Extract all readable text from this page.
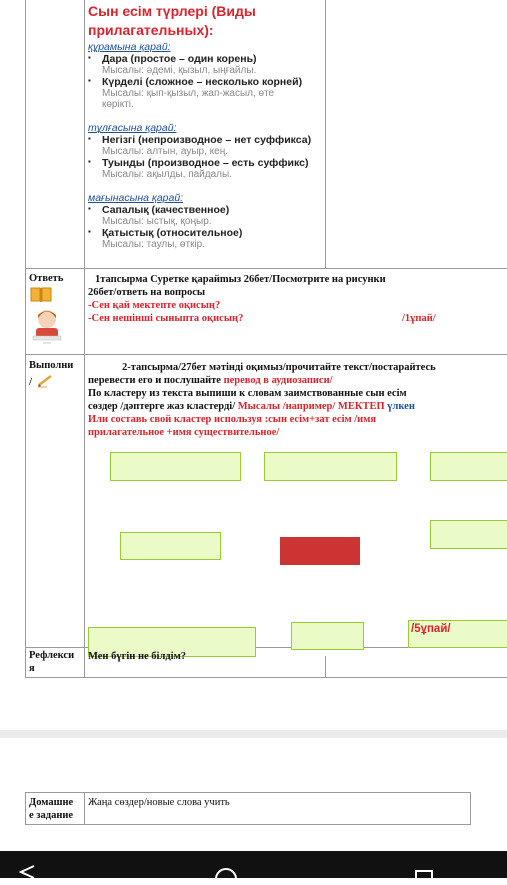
Сын есім түрлері (Виды прилагательных):
құрамына қарай:
▪ Дара (простое – один корень)
Мысалы: әдемі, қызыл, ыңғайлы.
▪ Күрделі (сложное – несколько корней)
Мысалы: қып-қызыл, жап-жасыл, өте көрікті.
тұлғасына қарай:
▪ Негізгі (непроизводное – нет суффикса)
Мысалы: алтын, ауыр, кең.
▪ Туынды (производное – есть суффикс)
Мысалы: ақылды, пайдалы.
мағынасына қарай:
▪ Сапалық (качественное)
Мысалы: ыстық, қоңыр.
▪ Қатыстық (относительное)
Мысалы: таулы, өткір.
Ответь	1тапсырма Суретке қарайmыз 26бет/Посмотрите на рисунки
26бет/ответь на вопросы
-Сен қай мектепте оқисың?
-Сен нешінші сыныпта оқисың?	/1ұпай/
Выполни
/
2-тапсырма/27бет мәтінді оқимыз/прочитайте текст/постарайтесь
перевести его и послушайте перевод в аудиозаписи/
По кластеру из текста выпиши к словам заимствованные сын есім
сөздер /дәптерге жаз кластерді/ Мысалы /например/ МЕКТЕП үлкен
Или составь свой кластер используя :сын есім+зат есім /имя
прилагательное +имя существительное/
/5ұпай/
Рефлекси
я
Мен бүгін не білдім?
Домашне
е задание
Жаңа сөздер/новые слова учить
